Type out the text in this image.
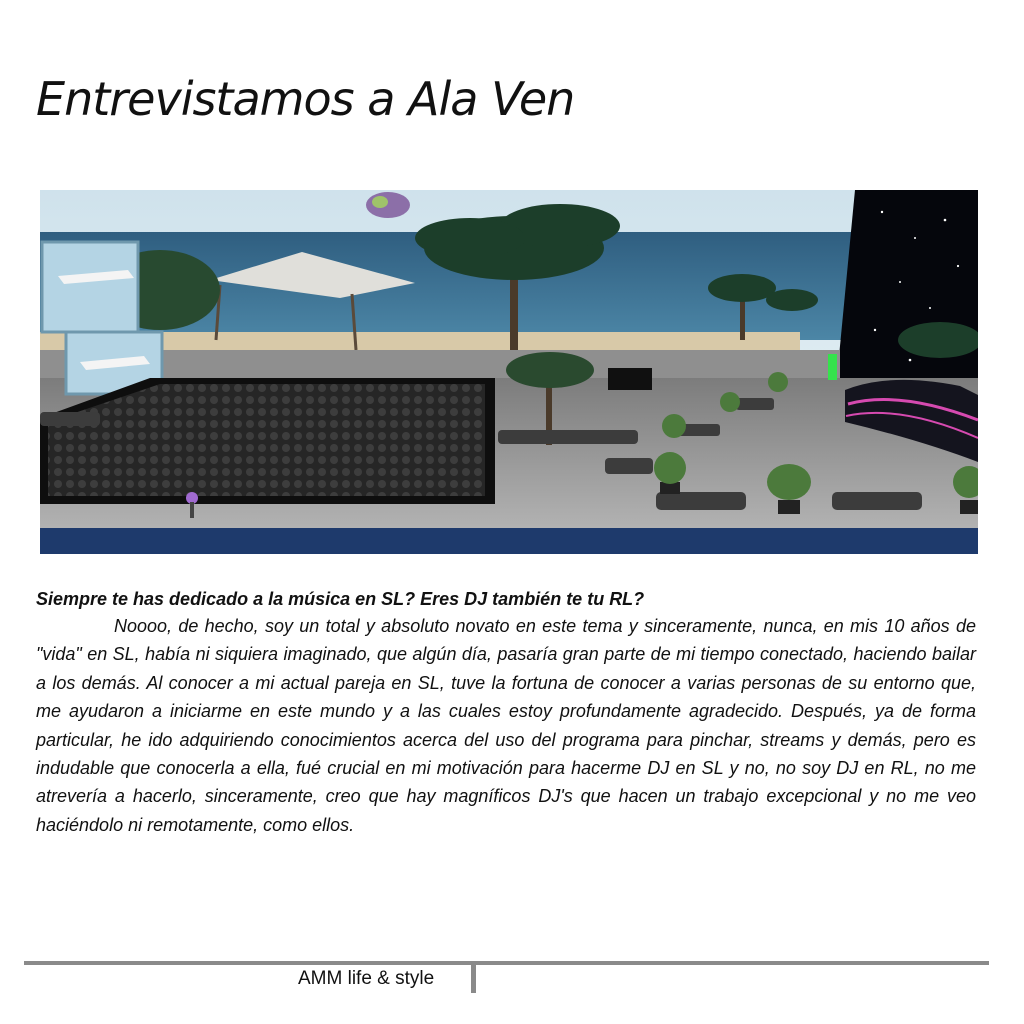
Entrevistamos a Ala Ven

Siempre te has dedicado a la música en SL? Eres DJ también te tu RL?

Noooo, de hecho, soy un total y absoluto novato en este tema y sinceramente, nunca, en mis 10 años de "vida" en SL, había ni siquiera imaginado, que algún día, pasaría gran parte de mi tiempo conectado, haciendo bailar a los demás. Al conocer a mi actual pareja en SL, tuve la fortuna de conocer a varias personas de su entorno que, me ayudaron a iniciarme en este mundo y a las cuales estoy profundamente agradecido. Después, ya de forma particular, he ido adquiriendo conocimientos acerca del uso del programa para pinchar, streams y demás, pero es indudable que conocerla a ella, fué crucial en mi motivación para hacerme DJ en SL y no, no soy DJ en RL, no me atrevería a hacerlo, sinceramente, creo que hay magníficos DJ's que hacen un trabajo excepcional y no me veo haciéndolo ni remotamente, como ellos.

AMM life & style
